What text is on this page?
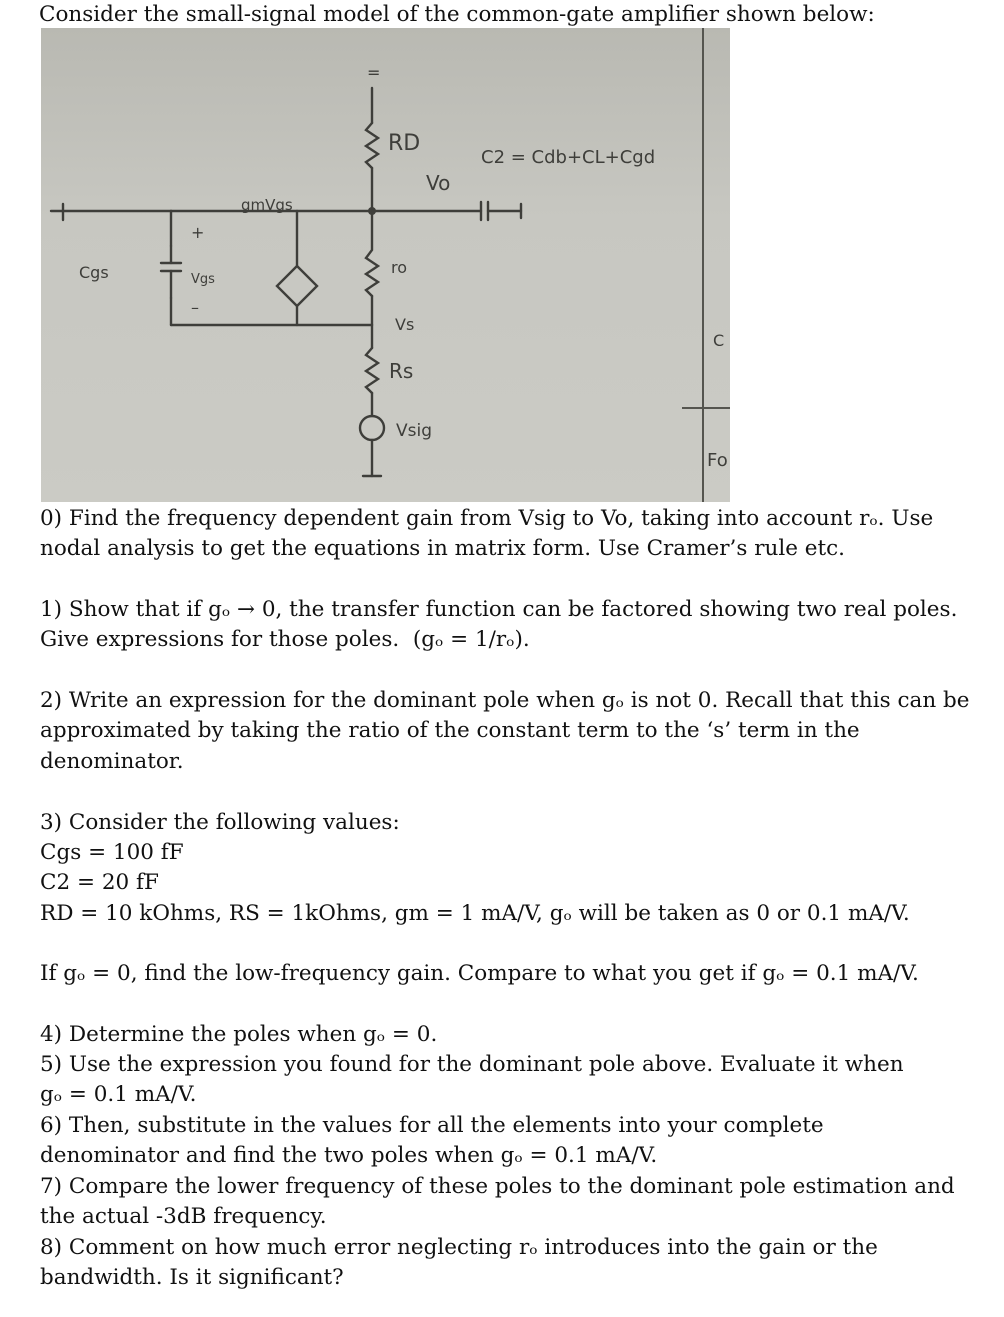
Consider the small-signal model of the common-gate amplifier shown below:

=
RD
Vo
C2 = Cdb+CL+Cgd
gmVgs
Cgs	Vgs
+
–
ro
Vs
Rs
Vsig
C
Fo

0) Find the frequency dependent gain from Vsig to Vo, taking into account rₒ. Use

nodal analysis to get the equations in matrix form. Use Cramer’s rule etc.

1) Show that if gₒ → 0, the transfer function can be factored showing two real poles.

Give expressions for those poles.  (gₒ = 1/rₒ).

2) Write an expression for the dominant pole when gₒ is not 0. Recall that this can be

approximated by taking the ratio of the constant term to the ‘s’ term in the

denominator.

3) Consider the following values:

Cgs = 100 fF

C2 = 20 fF

RD = 10 kOhms, RS = 1kOhms, gm = 1 mA/V, gₒ will be taken as 0 or 0.1 mA/V.

If gₒ = 0, find the low-frequency gain. Compare to what you get if gₒ = 0.1 mA/V.

4) Determine the poles when gₒ = 0.

5) Use the expression you found for the dominant pole above. Evaluate it when

gₒ = 0.1 mA/V.

6) Then, substitute in the values for all the elements into your complete

denominator and find the two poles when gₒ = 0.1 mA/V.

7) Compare the lower frequency of these poles to the dominant pole estimation and

the actual -3dB frequency.

8) Comment on how much error neglecting rₒ introduces into the gain or the

bandwidth. Is it significant?
